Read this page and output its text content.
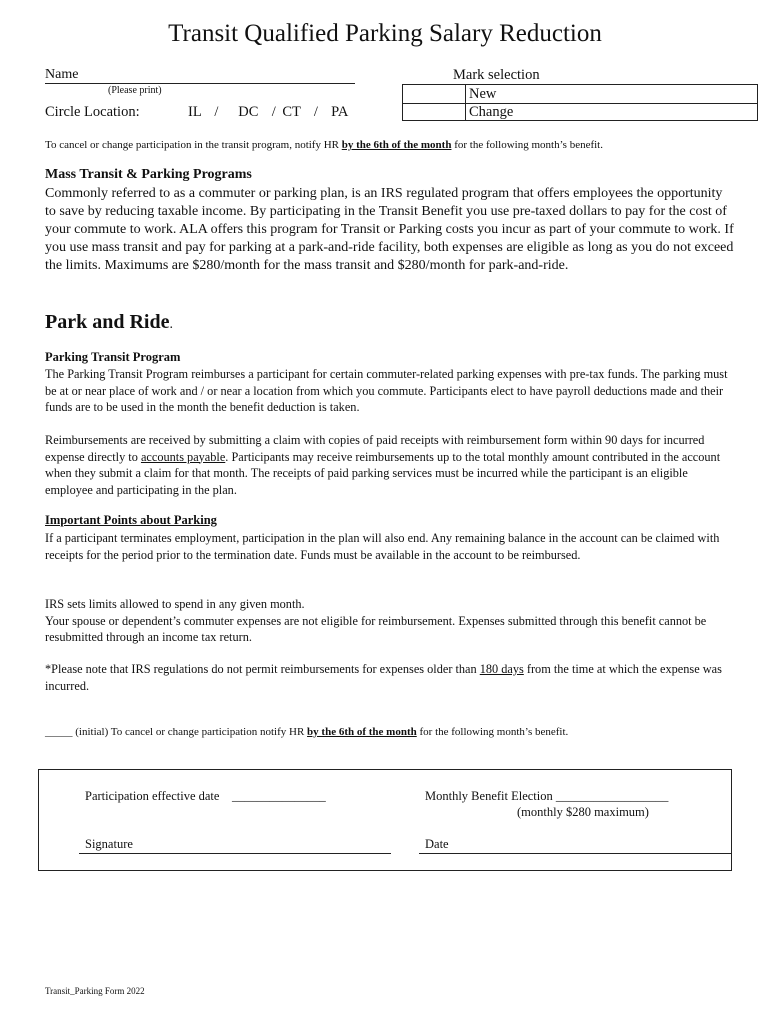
Transit Qualified Parking Salary Reduction
Name
(Please print)
Circle Location:	IL  /   DC  / CT  /  PA
Mark selection
New
Change
To cancel or change participation in the transit program, notify HR by the 6th of the month for the following month’s benefit.
Mass Transit & Parking Programs
Commonly referred to as a commuter or parking plan, is an IRS regulated program that offers employees the opportunity to save by reducing taxable income. By participating in the Transit Benefit you use pre-taxed dollars to pay for the cost of your commute to work. ALA offers this program for Transit or Parking costs you incur as part of your commute to work. If you use mass transit and pay for parking at a park-and-ride facility, both expenses are eligible as long as you do not exceed the limits. Maximums are $280/month for the mass transit and $280/month for park-and-ride.
Park and Ride.
Parking Transit Program
The Parking Transit Program reimburses a participant for certain commuter-related parking expenses with pre-tax funds. The parking must be at or near place of work and / or near a location from which you commute. Participants elect to have payroll deductions made and their funds are to be used in the month the benefit deduction is taken.
Reimbursements are received by submitting a claim with copies of paid receipts with reimbursement form within 90 days for incurred expense directly to accounts payable. Participants may receive reimbursements up to the total monthly amount contributed in the account when they submit a claim for that month. The receipts of paid parking services must be incurred while the participant is an eligible employee and participating in the plan.
Important Points about Parking
If a participant terminates employment, participation in the plan will also end. Any remaining balance in the account can be claimed with receipts for the period prior to the termination date. Funds must be available in the account to be reimbursed.
IRS sets limits allowed to spend in any given month.
Your spouse or dependent’s commuter expenses are not eligible for reimbursement. Expenses submitted through this benefit cannot be resubmitted through an income tax return.
*Please note that IRS regulations do not permit reimbursements for expenses older than 180 days from the time at which the expense was incurred.
_____ (initial) To cancel or change participation notify HR by the 6th of the month for the following month’s benefit.
Participation effective date _______________	Monthly Benefit Election __________________
(monthly $280 maximum)
Signature	Date
Transit_Parking Form 2022
